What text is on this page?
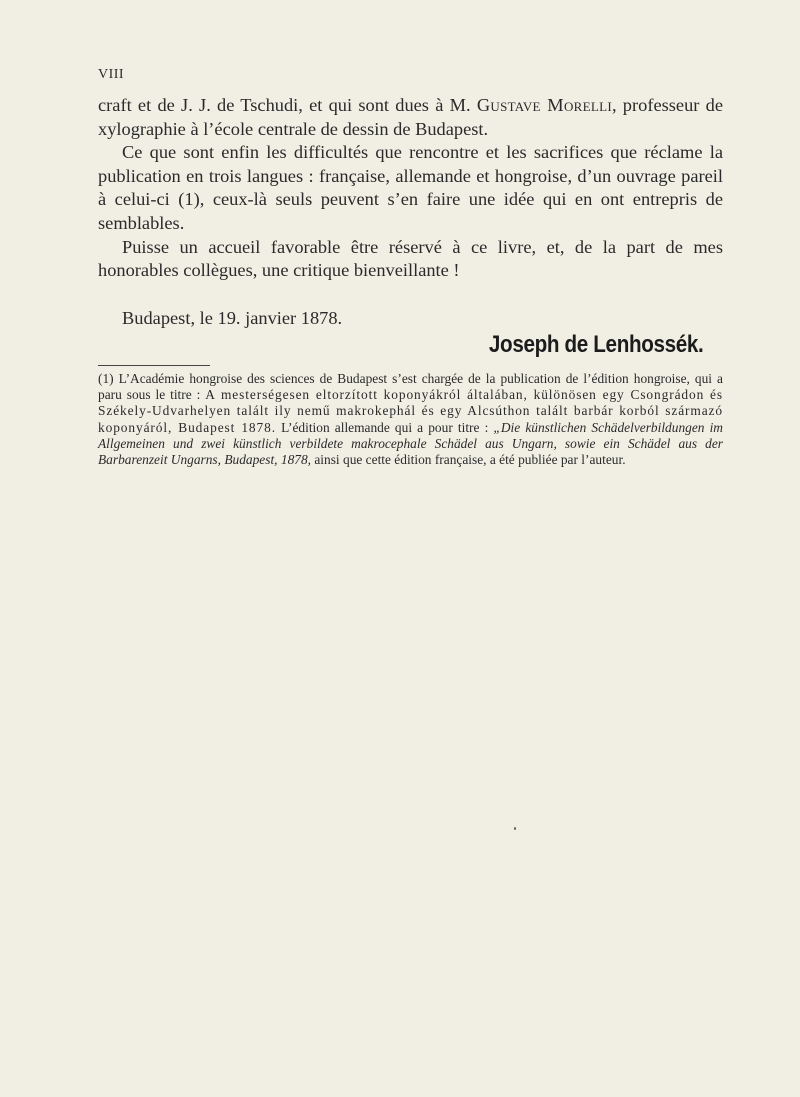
VIII

craft et de J. J. de Tschudi, et qui sont dues à M. Gustave Morelli, professeur de xylographie à l’école centrale de dessin de Budapest.

Ce que sont enfin les difficultés que rencontre et les sacrifices que réclame la publication en trois langues : française, allemande et hongroise, d’un ouvrage pareil à celui-ci (1), ceux-là seuls peuvent s’en faire une idée qui en ont entrepris de semblables.

Puisse un accueil favorable être réservé à ce livre, et, de la part de mes honorables collègues, une critique bienveillante !

Budapest, le 19. janvier 1878.
Joseph de Lenhossék.

(1) L’Académie hongroise des sciences de Budapest s’est chargée de la publication de l’édition hongroise, qui a paru sous le titre : A mesterségesen eltorzított koponyákról általában, különösen egy Csongrádon és Székely-Udvarhelyen talált ily nemű makrokephál és egy Alcsúthon talált barbár korból származó koponyáról, Budapest 1878. L’édition allemande qui a pour titre : „Die künstlichen Schädelverbildungen im Allgemeinen und zwei künstlich verbildete makrocephale Schädel aus Ungarn, sowie ein Schädel aus der Barbarenzeit Ungarns, Budapest, 1878, ainsi que cette édition française, a été publiée par l’auteur.
